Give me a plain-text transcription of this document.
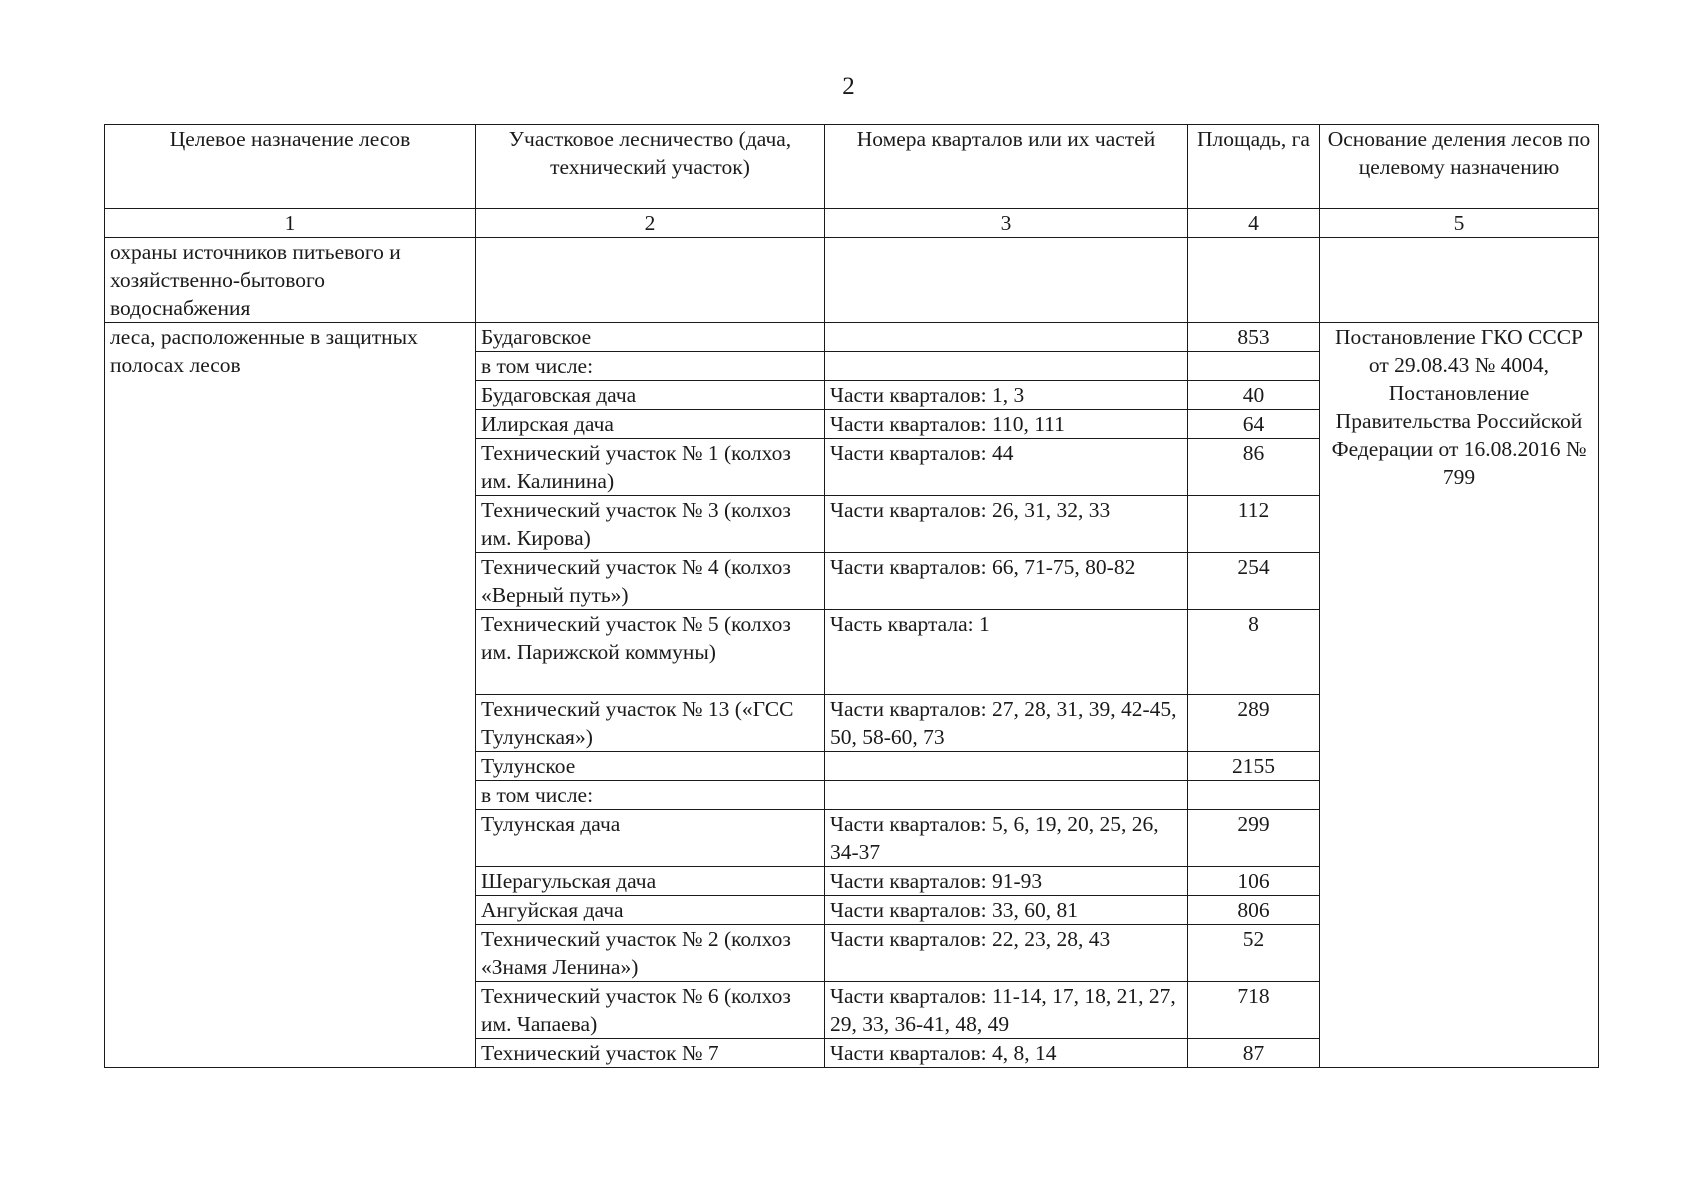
2
Целевое назначение лесов	Участковое лесничество (дача, технический участок)	Номера кварталов или их частей	Площадь, га	Основание деления лесов по целевому назначению
1	2	3	4	5
охраны источников питьевого и хозяйственно-бытового водоснабжения				
леса, расположенные в защитных полосах лесов	Будаговское		853	Постановление ГКО СССР от 29.08.43 № 4004, Постановление Правительства Российской Федерации от 16.08.2016 № 799
	в том числе:			
	Будаговская дача	Части кварталов: 1, 3	40	
	Илирская дача	Части кварталов: 110, 111	64	
	Технический участок № 1 (колхоз им. Калинина)	Части кварталов: 44	86	
	Технический участок № 3 (колхоз им. Кирова)	Части кварталов: 26, 31, 32, 33	112	
	Технический участок № 4 (колхоз «Верный путь»)	Части кварталов: 66, 71-75, 80-82	254	
	Технический участок № 5 (колхоз им. Парижской коммуны)	Часть квартала: 1	8	
	Технический участок № 13 («ГСС Тулунская»)	Части кварталов: 27, 28, 31, 39, 42-45, 50, 58-60, 73	289	
	Тулунское		2155	
	в том числе:			
	Тулунская дача	Части кварталов: 5, 6, 19, 20, 25, 26, 34-37	299	
	Шерагульская дача	Части кварталов: 91-93	106	
	Ангуйская дача	Части кварталов: 33, 60, 81	806	
	Технический участок № 2 (колхоз «Знамя Ленина»)	Части кварталов: 22, 23, 28, 43	52	
	Технический участок № 6 (колхоз им. Чапаева)	Части кварталов: 11-14, 17, 18, 21, 27, 29, 33, 36-41, 48, 49	718	
	Технический участок № 7	Части кварталов: 4, 8, 14	87	
